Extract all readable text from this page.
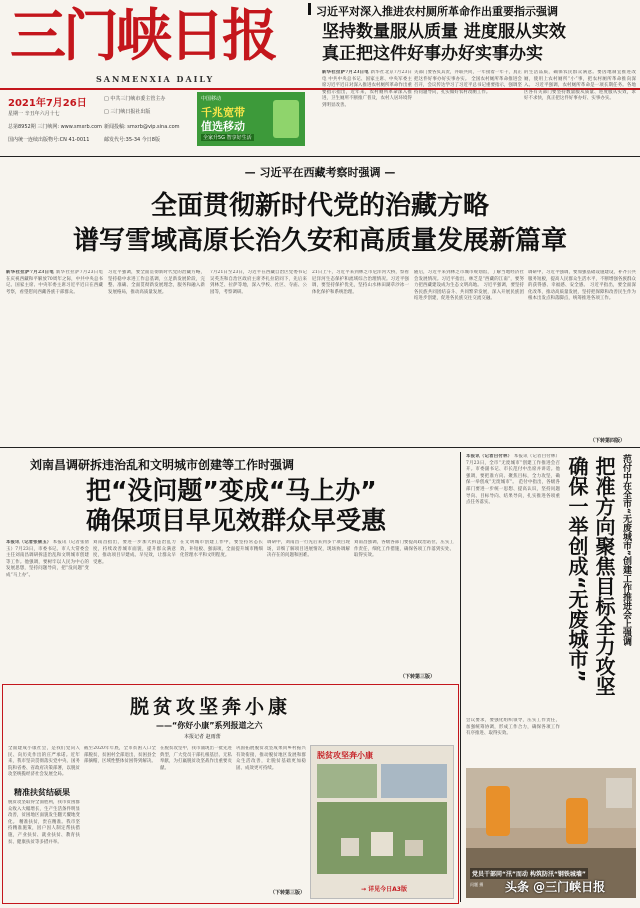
三门峡日报
SANMENXIA DAILY
2021年7月26日
星期一 辛丑年六月十七
总第8952期 三门峡网: www.smxrb.com
国内统一连续出版物号:CN 41-0011
□ 中共三门峡市委主管主办
□ 三门峡日报社出版
新闻投稿: smxrb@vip.sina.com
邮发代号:35-34 今日8版
中国移动
千兆宽带
值选移动
全家升5G 智享好生活
习近平对深入推进农村厕所革命作出重要指示强调
坚持数量服从质量 进度服从实效
真正把这件好事办好实事办实
新华社拉萨7月23日电 新华社北京7月23日电 中共中央总书记、国家主席、中央军委主席习近平近日对深入推进农村厕所革命作出重要指示指出，近年来，农村厕所革命深入推进，卫生厕所不断推广普及，农村人居环境得到明显改善。
关部门要各负其责，并联共同，一年接着一年干，真正把这件好事办好实事办实。 全国农村厕所革命推进会召开，会议传达学习了习近平总书记重要指示，强调坚持问题导向，扎实做好农村改厕工作。
的生活品质，确保农民群众满意。要因地制宜推进改厕，使用上农村厕所“小”事，把农村厕所革命推向深入。 习近平强调，农村厕所革命是一项长期任务。各地区各有关部门要坚持数量服从质量、进度服从实效，求好不求快，真正把这件好事办好、实事办实。
— 习近平在西藏考察时强调 —
全面贯彻新时代党的治藏方略
谱写雪域高原长治久安和高质量发展新篇章
新华社拉萨7月23日电 新华社拉萨7月23日电 在庆祝西藏和平解放70周年之际，中共中央总书记、国家主席、中央军委主席习近平近日在西藏考察，看望慰问西藏各族干部群众。
习近平强调，要全面贯彻新时代党的治藏方略，坚持稳中求进工作总基调，立足新发展阶段，完整、准确、全面贯彻新发展理念，服务和融入新发展格局，推动高质量发展。
7月21日至23日，习近平在西藏自治区党委书记吴英杰和自治区政府主席齐扎拉陪同下，先后来到林芝、拉萨等地，深入学校、社区、寺庙、公园等，考察调研。
21日上午，习近平来到林芝市尼洋河大桥，察看尼洋河生态保护和流域综合治理情况。习近平强调，要坚持保护优先，坚持山水林田湖草沙冰一体化保护和系统治理。
随后，习近平来到林芝市城市规划馆，了解当地经济社会发展情况。习近平指出，林芝是“西藏的江南”，要努力把西藏建设成为生态文明高地。 习近平强调，要坚持各民族共同团结奋斗、共同繁荣发展，深入开展民族团结进步创建，促进各民族交往交流交融。
调研中，习近平强调，要加强基础设施建设，补齐公共服务短板，提高人民群众生活水平，不断增强各族群众的获得感、幸福感、安全感。 习近平指出，要全面深化改革，推动高质量发展，坚持把保障和改善民生作为根本出发点和落脚点，统筹推进各项工作。
（下转第四版）
刘南昌调研拆违治乱和文明城市创建等工作时强调
把“没问题”变成“马上办”
确保项目早见效群众早受惠
本报讯（记者张倩玉） 本报讯（记者张倩玉）7月23日，市委书记、市人大常委会主任刘南昌调研拆违治乱和文明城市创建等工作。他强调，要树牢以人民为中心的发展思想，坚持问题导向，把“没问题”变成“马上办”。
刘南昌指出，要进一步加大拆违治乱力度，持续改善城市面貌，提升群众满意度，推动项目早建成、早见效，让群众早受惠。
在文明城市创建工作中，要坚持常态长效，补短板、强弱项，全面提升城市精细化管理水平和文明程度。
调研中，刘南昌一行先后来到多个项目现场，详细了解项目进展情况，现场协调解决存在的问题和困难。
刘南昌强调，各级各部门要提高政治站位，压实工作责任，细化工作措施，确保各项工作落到实处、取得实效。
（下转第三版）
本报讯（记者白付林） 本报讯（记者白付林）7月23日，全市“无废城市”创建工作推进会召开。市委副书记、市长范付中出席并讲话。他强调，要把准方向、聚焦目标，全力攻坚，确保一举创成“无废城市”。 范付中指出，各级各部门要进一步统一思想、提高认识，坚持问题导向、目标导向、结果导向，扎实推进各项重点任务落实。
会议要求，要强化组织领导，压实工作责任，加强统筹协调，形成工作合力，确保各项工作有序推进、取得实效。
范付中在全市“无废城市”创建工作推进会上强调
把准方向聚焦目标全力攻坚
确保一举创成“无废城市”
党员干部同“汛”而动 构筑防汛“钢铁城墙”
问题 摄
脱贫攻坚奔小康
——“你好小康”系列报道之六
本报记者 赵雨蕾
全面建成小康社会，是我们党向人民、向历史作出的庄严承诺。近年来，我市坚决贯彻落实党中央、国务院和省委、省政府决策部署，以脱贫攻坚统揽经济社会发展全局。
精准扶贫结硕果
脱贫攻坚取得全面胜利，我市贫困群众收入大幅增长，生产生活条件明显改善，贫困地区面貌发生翻天覆地变化。 精准扶贫，贵在精准。我市坚持精准施策，因户因人制定帮扶措施，产业扶贫、就业扶贫、教育扶贫、健康扶贫等多措并举。
截至2020年年底，全市贫困人口全部脱贫，贫困村全部退出，贫困县全部摘帽，区域性整体贫困得到解决。
在脱贫攻坚中，我市涌现出一批先进典型，广大党员干部扎根基层、无私奉献，为打赢脱贫攻坚战作出重要贡献。
巩固拓展脱贫攻坚成果同乡村振兴有效衔接，推动脱贫地区发展和群众生活改善，让脱贫基础更加稳固、成效更可持续。
（下转第三版）
脱贫攻坚奔小康
→ 详见今日A3版	头条 @三门峡日报
